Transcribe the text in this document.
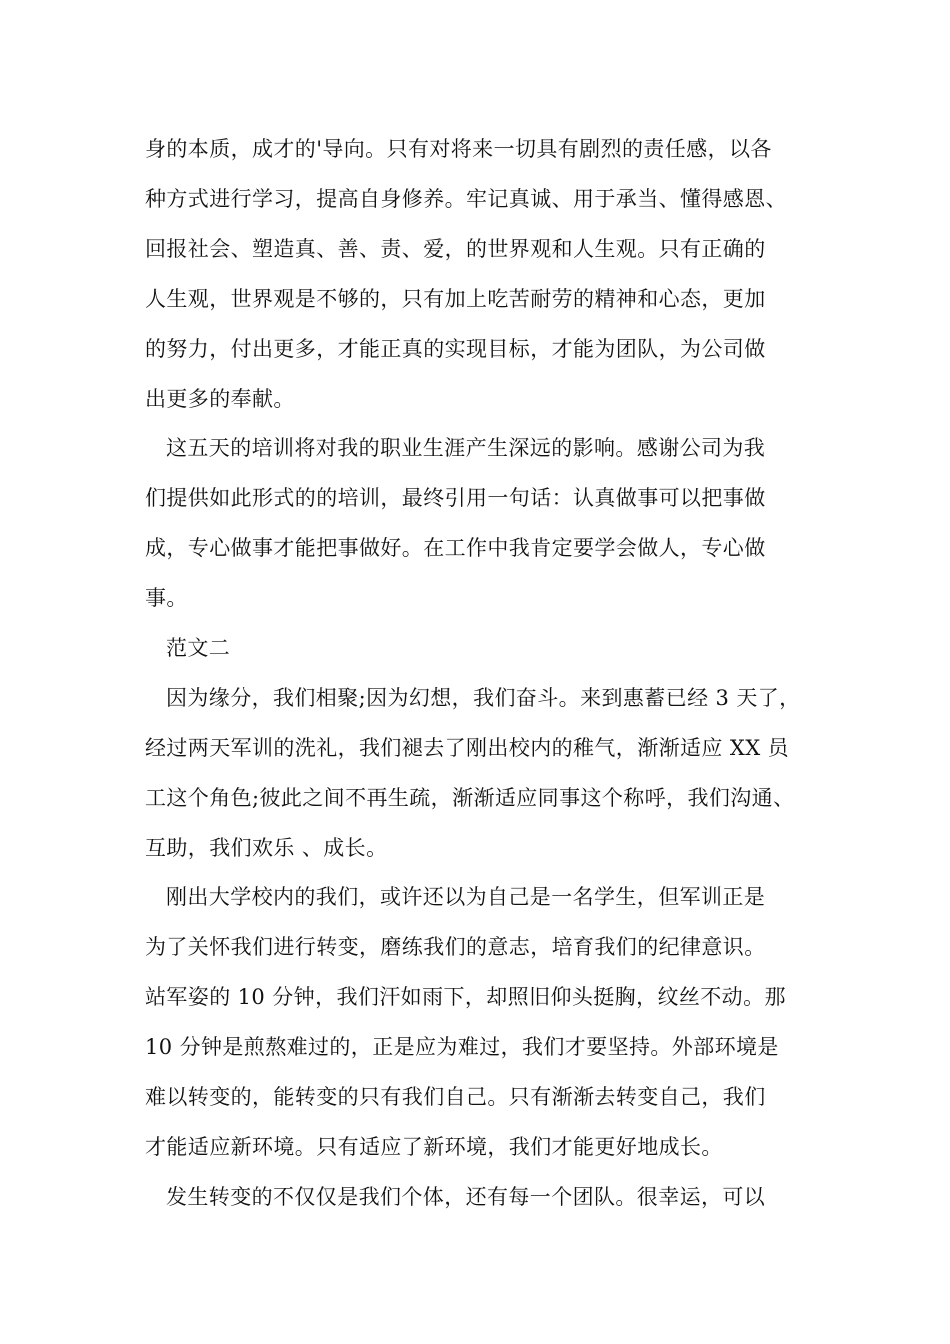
身的本质，成才的'导向。只有对将来一切具有剧烈的责任感，以各
种方式进行学习，提高自身修养。牢记真诚、用于承当、懂得感恩、
回报社会、塑造真、善、责、爱，的世界观和人生观。只有正确的
人生观，世界观是不够的，只有加上吃苦耐劳的精神和心态，更加
的努力，付出更多，才能正真的实现目标，才能为团队，为公司做
出更多的奉献。
这五天的培训将对我的职业生涯产生深远的影响。感谢公司为我
们提供如此形式的的培训，最终引用一句话：认真做事可以把事做
成，专心做事才能把事做好。在工作中我肯定要学会做人，专心做
事。
范文二
因为缘分，我们相聚;因为幻想，我们奋斗。来到惠蓄已经 3 天了，
经过两天军训的洗礼，我们褪去了刚出校内的稚气，渐渐适应 XX 员
工这个角色;彼此之间不再生疏，渐渐适应同事这个称呼，我们沟通、
互助，我们欢乐 、成长。
刚出大学校内的我们，或许还以为自己是一名学生，但军训正是
为了关怀我们进行转变，磨练我们的意志，培育我们的纪律意识。
站军姿的 10 分钟，我们汗如雨下，却照旧仰头挺胸，纹丝不动。那
10 分钟是煎熬难过的，正是应为难过，我们才要坚持。外部环境是
难以转变的，能转变的只有我们自己。只有渐渐去转变自己，我们
才能适应新环境。只有适应了新环境，我们才能更好地成长。
发生转变的不仅仅是我们个体，还有每一个团队。很幸运，可以
